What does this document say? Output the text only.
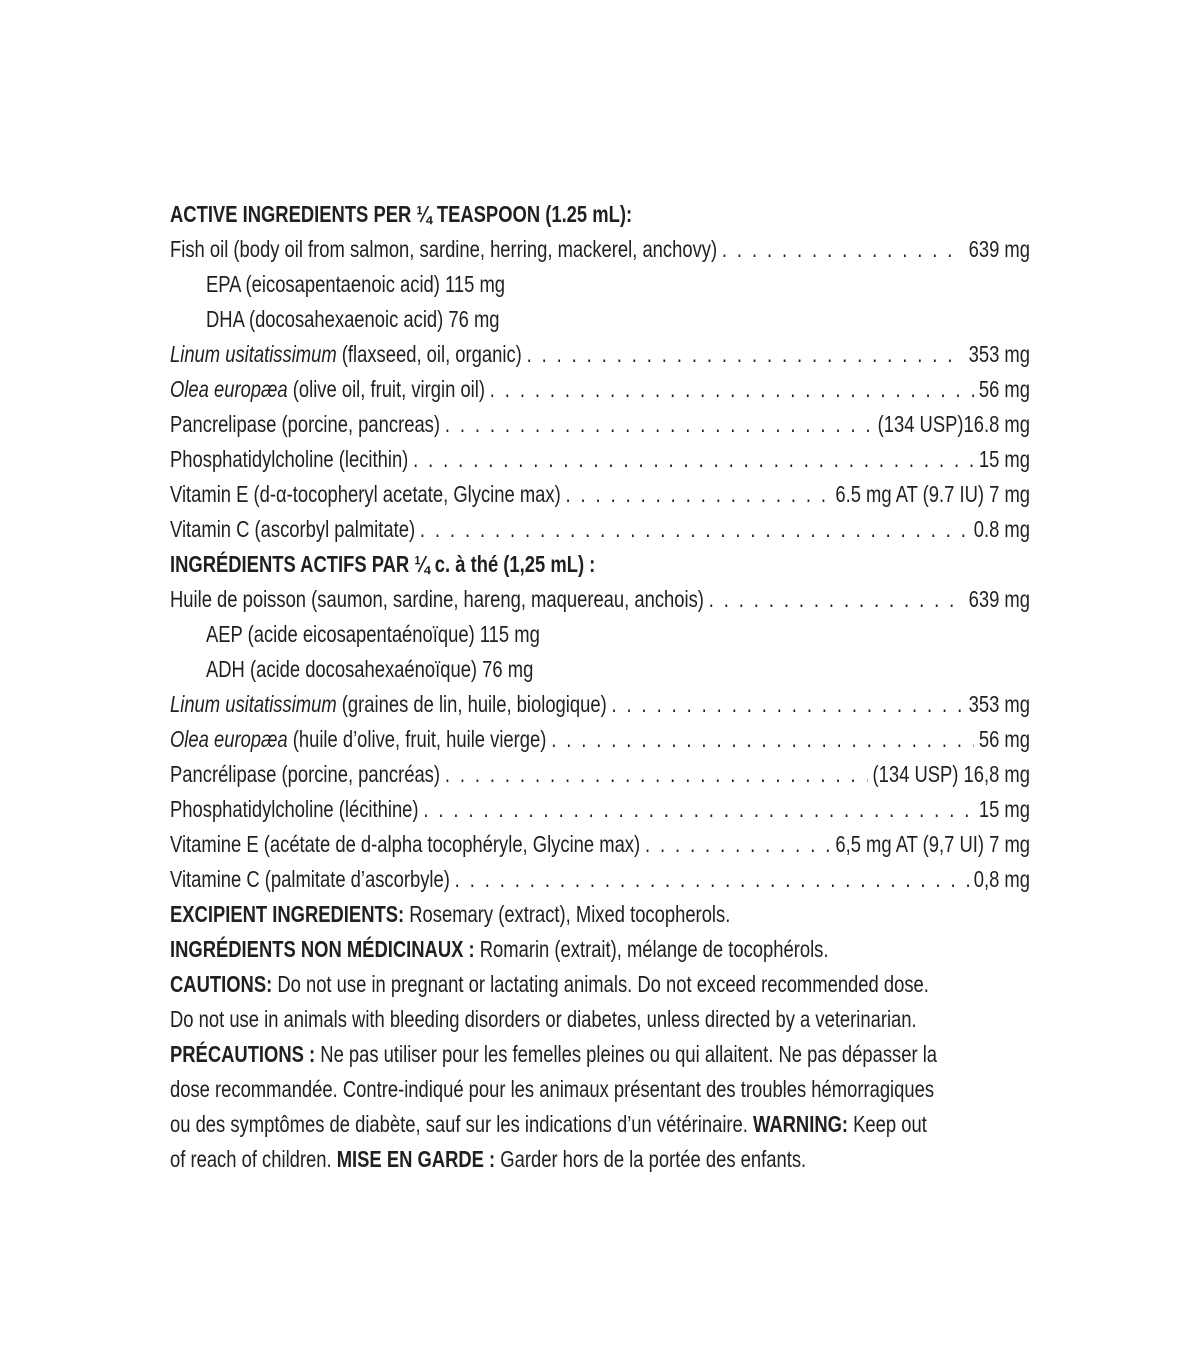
ACTIVE INGREDIENTS PER ¼ TEASPOON (1.25 mL):
Fish oil (body oil from salmon, sardine, herring, mackerel, anchovy) . . .	639 mg
EPA (eicosapentaenoic acid) 115 mg
DHA (docosahexaenoic acid) 76 mg
Linum usitatissimum (flaxseed, oil, organic) . . .	353 mg
Olea europæa (olive oil, fruit, virgin oil) . . .	56 mg
Pancrelipase (porcine, pancreas) . . .	(134 USP)16.8 mg
Phosphatidylcholine (lecithin) . . .	15 mg
Vitamin E (d-α-tocopheryl acetate, Glycine max) . . .	6.5 mg AT (9.7 IU) 7 mg
Vitamin C (ascorbyl palmitate) . . .	0.8 mg
INGRÉDIENTS ACTIFS PAR ¼ c. à thé (1,25 mL) :
Huile de poisson (saumon, sardine, hareng, maquereau, anchois) . . .	639 mg
AEP (acide eicosapentaénoïque) 115 mg
ADH (acide docosahexaénoïque) 76 mg
Linum usitatissimum (graines de lin, huile, biologique) . . .	353 mg
Olea europæa (huile d’olive, fruit, huile vierge) . . .	56 mg
Pancrélipase (porcine, pancréas) . . .	(134 USP) 16,8 mg
Phosphatidylcholine (lécithine) . . .	15 mg
Vitamine E (acétate de d-alpha tocophéryle, Glycine max) . . .	6,5 mg AT (9,7 UI) 7 mg
Vitamine C (palmitate d’ascorbyle) . . .	0,8 mg
EXCIPIENT INGREDIENTS: Rosemary (extract), Mixed tocopherols.
INGRÉDIENTS NON MÉDICINAUX : Romarin (extrait), mélange de tocophérols.
CAUTIONS: Do not use in pregnant or lactating animals. Do not exceed recommended dose.
Do not use in animals with bleeding disorders or diabetes, unless directed by a veterinarian.
PRÉCAUTIONS : Ne pas utiliser pour les femelles pleines ou qui allaitent. Ne pas dépasser la
dose recommandée. Contre-indiqué pour les animaux présentant des troubles hémorragiques
ou des symptômes de diabète, sauf sur les indications d’un vétérinaire. WARNING: Keep out
of reach of children. MISE EN GARDE : Garder hors de la portée des enfants.
